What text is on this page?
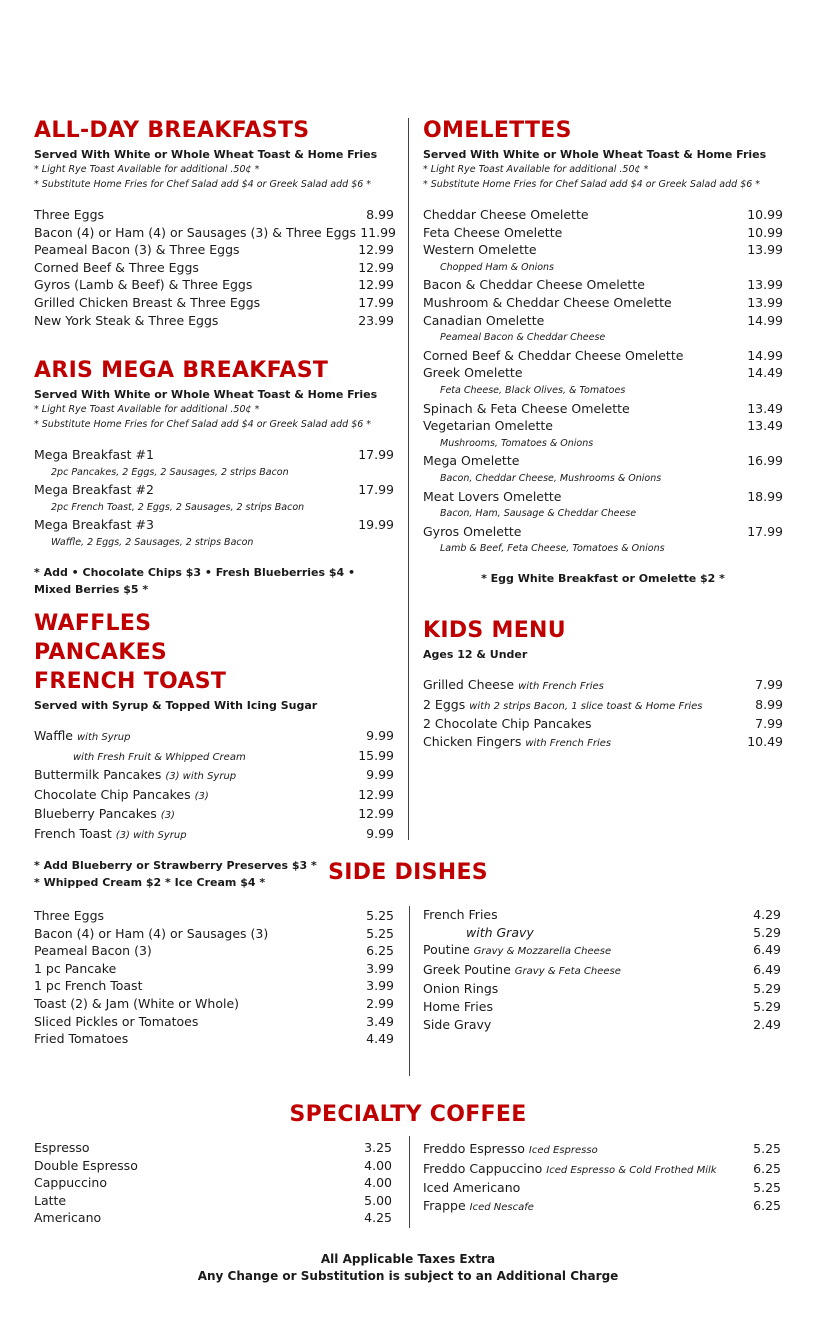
ALL-DAY BREAKFASTS
Served With White or Whole Wheat Toast & Home Fries
* Light Rye Toast Available for additional .50¢ *
* Substitute Home Fries for Chef Salad add $4 or Greek Salad add $6 *
Three Eggs	8.99
Bacon (4) or Ham (4) or Sausages (3) & Three Eggs 11.99
Peameal Bacon (3) & Three Eggs	12.99
Corned Beef & Three Eggs	12.99
Gyros (Lamb & Beef) & Three Eggs	12.99
Grilled Chicken Breast & Three Eggs	17.99
New York Steak & Three Eggs	23.99
ARIS MEGA BREAKFAST
Served With White or Whole Wheat Toast & Home Fries
* Light Rye Toast Available for additional .50¢ *
* Substitute Home Fries for Chef Salad add $4 or Greek Salad add $6 *
Mega Breakfast #1	17.99
2pc Pancakes, 2 Eggs, 2 Sausages, 2 strips Bacon
Mega Breakfast #2	17.99
2pc French Toast, 2 Eggs, 2 Sausages, 2 strips Bacon
Mega Breakfast #3	19.99
Waffle, 2 Eggs, 2 Sausages, 2 strips Bacon
* Add • Chocolate Chips $3 • Fresh Blueberries $4 • Mixed Berries $5 *
WAFFLES
PANCAKES
FRENCH TOAST
Served with Syrup & Topped With Icing Sugar
Waffle with Syrup	9.99
with Fresh Fruit & Whipped Cream	15.99
Buttermilk Pancakes (3) with Syrup	9.99
Chocolate Chip Pancakes (3)	12.99
Blueberry Pancakes (3)	12.99
French Toast (3) with Syrup	9.99
* Add Blueberry or Strawberry Preserves $3 *
* Whipped Cream $2 * Ice Cream $4 *
OMELETTES
Served With White or Whole Wheat Toast & Home Fries
* Light Rye Toast Available for additional .50¢ *
* Substitute Home Fries for Chef Salad add $4 or Greek Salad add $6 *
Cheddar Cheese Omelette	10.99
Feta Cheese Omelette	10.99
Western Omelette	13.99
Chopped Ham & Onions
Bacon & Cheddar Cheese Omelette	13.99
Mushroom & Cheddar Cheese Omelette	13.99
Canadian Omelette	14.99
Peameal Bacon & Cheddar Cheese
Corned Beef & Cheddar Cheese Omelette	14.99
Greek Omelette	14.49
Feta Cheese, Black Olives, & Tomatoes
Spinach & Feta Cheese Omelette	13.49
Vegetarian Omelette	13.49
Mushrooms, Tomatoes & Onions
Mega Omelette	16.99
Bacon, Cheddar Cheese, Mushrooms & Onions
Meat Lovers Omelette	18.99
Bacon, Ham, Sausage & Cheddar Cheese
Gyros Omelette	17.99
Lamb & Beef, Feta Cheese, Tomatoes & Onions
* Egg White Breakfast or Omelette $2 *
KIDS MENU
Ages 12 & Under
Grilled Cheese with French Fries	7.99
2 Eggs with 2 strips Bacon, 1 slice toast & Home Fries	8.99
2 Chocolate Chip Pancakes	7.99
Chicken Fingers with French Fries	10.49
SIDE DISHES
Three Eggs	5.25
Bacon (4) or Ham (4) or Sausages (3)	5.25
Peameal Bacon (3)	6.25
1 pc Pancake	3.99
1 pc French Toast	3.99
Toast (2) & Jam (White or Whole)	2.99
Sliced Pickles or Tomatoes	3.49
Fried Tomatoes	4.49
French Fries	4.29
with Gravy	5.29
Poutine Gravy & Mozzarella Cheese	6.49
Greek Poutine Gravy & Feta Cheese	6.49
Onion Rings	5.29
Home Fries	5.29
Side Gravy	2.49
SPECIALTY COFFEE
Espresso	3.25
Double Espresso	4.00
Cappuccino	4.00
Latte	5.00
Americano	4.25
Freddo Espresso Iced Espresso	5.25
Freddo Cappuccino Iced Espresso & Cold Frothed Milk	6.25
Iced Americano	5.25
Frappe Iced Nescafe	6.25
All Applicable Taxes Extra
Any Change or Substitution is subject to an Additional Charge
